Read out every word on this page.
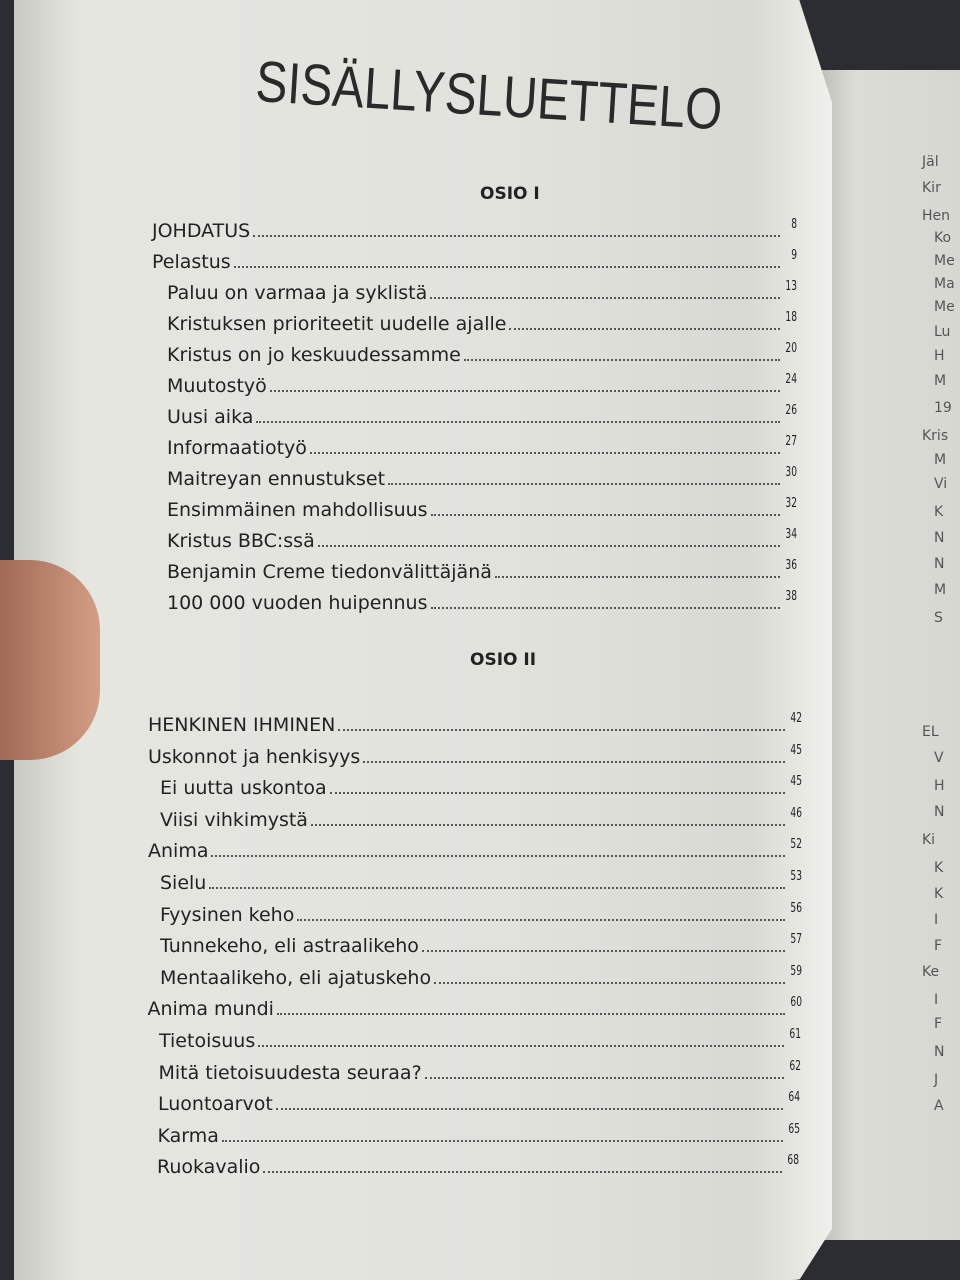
Jäl
Kir
Hen
Ko
Me
Ma
Me
Lu
H
M
19
Kris
M
Vi
K
N
N
M
S
EL
V
H
N
Ki
K
K
I
F
Ke
I
F
N
J
A
SISÄLLYSLUETTELO
OSIO I
OSIO II
JOHDATUS	8
Pelastus	9
Paluu on varmaa ja syklistä	13
Kristuksen prioriteetit uudelle ajalle	18
Kristus on jo keskuudessamme	20
Muutostyö	24
Uusi aika	26
Informaatiotyö	27
Maitreyan ennustukset	30
Ensimmäinen mahdollisuus	32
Kristus BBC:ssä	34
Benjamin Creme tiedonvälittäjänä	36
100 000 vuoden huipennus	38
HENKINEN IHMINEN	42
Uskonnot ja henkisyys	45
Ei uutta uskontoa	45
Viisi vihkimystä	46
Anima	52
Sielu	53
Fyysinen keho	56
Tunnekeho, eli astraalikeho	57
Mentaalikeho, eli ajatuskeho	59
Anima mundi	60
Tietoisuus	61
Mitä tietoisuudesta seuraa?	62
Luontoarvot	64
Karma	65
Ruokavalio	68
